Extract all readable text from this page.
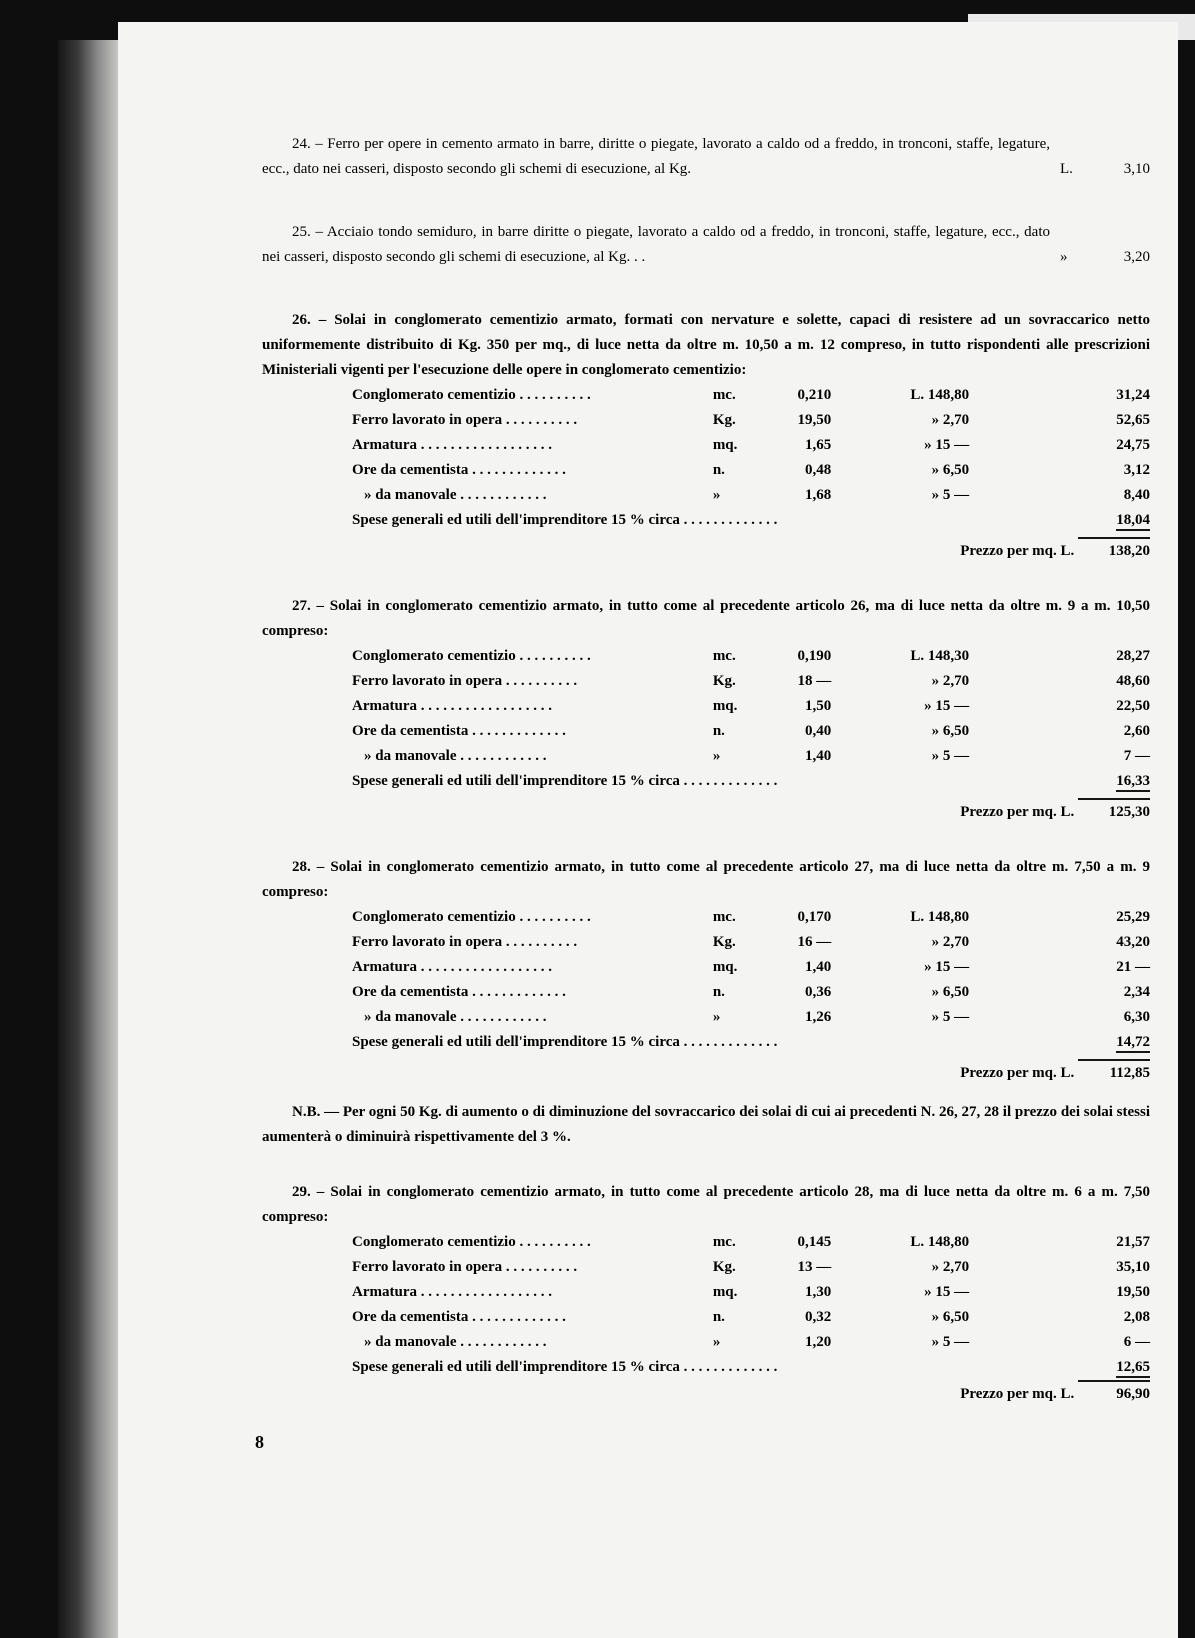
24. – Ferro per opere in cemento armato in barre, diritte o piegate, lavorato a caldo od a freddo, in tronconi, staffe, legature, ecc., dato nei casseri, disposto secondo gli schemi di esecuzione, al Kg.	L.	3,10

25. – Acciaio tondo semiduro, in barre diritte o piegate, lavorato a caldo od a freddo, in tronconi, staffe, legature, ecc., dato nei casseri, disposto secondo gli schemi di esecuzione, al Kg. . .	»	3,20

26. – Solai in conglomerato cementizio armato, formati con nervature e solette, capaci di resistere ad un sovraccarico netto uniformemente distribuito di Kg. 350 per mq., di luce netta da oltre m. 10,50 a m. 12 compreso, in tutto rispondenti alle prescrizioni Ministeriali vigenti per l'esecuzione delle opere in conglomerato cementizio:

Conglomerato cementizio . . . . . . . . . .	mc.	0,210	L. 148,80	31,24
Ferro lavorato in opera . . . . . . . . . .	Kg.	19,50	» 2,70	52,65
Armatura . . . . . . . . . . . . . . . . . .	mq.	1,65	» 15 —	24,75
Ore da cementista . . . . . . . . . . . . .	n.	0,48	» 6,50	3,12
» da manovale . . . . . . . . . . . .	»	1,68	» 5 —	8,40
Spese generali ed utili dell'imprenditore 15 % circa . . . . . . . . . . . . .				18,04
Prezzo per mq. L. 138,20

27. – Solai in conglomerato cementizio armato, in tutto come al precedente articolo 26, ma di luce netta da oltre m. 9 a m. 10,50 compreso:

Conglomerato cementizio . . . . . . . . . .	mc.	0,190	L. 148,30	28,27
Ferro lavorato in opera . . . . . . . . . .	Kg.	18 —	» 2,70	48,60
Armatura . . . . . . . . . . . . . . . . . .	mq.	1,50	» 15 —	22,50
Ore da cementista . . . . . . . . . . . . .	n.	0,40	» 6,50	2,60
» da manovale . . . . . . . . . . . .	»	1,40	» 5 —	7 —
Spese generali ed utili dell'imprenditore 15 % circa . . . . . . . . . . . . .				16,33
Prezzo per mq. L. 125,30

28. – Solai in conglomerato cementizio armato, in tutto come al precedente articolo 27, ma di luce netta da oltre m. 7,50 a m. 9 compreso:

Conglomerato cementizio . . . . . . . . . .	mc.	0,170	L. 148,80	25,29
Ferro lavorato in opera . . . . . . . . . .	Kg.	16 —	» 2,70	43,20
Armatura . . . . . . . . . . . . . . . . . .	mq.	1,40	» 15 —	21 —
Ore da cementista . . . . . . . . . . . . .	n.	0,36	» 6,50	2,34
» da manovale . . . . . . . . . . . .	»	1,26	» 5 —	6,30
Spese generali ed utili dell'imprenditore 15 % circa . . . . . . . . . . . . .				14,72
Prezzo per mq. L. 112,85

N.B. — Per ogni 50 Kg. di aumento o di diminuzione del sovraccarico dei solai di cui ai precedenti N. 26, 27, 28 il prezzo dei solai stessi aumenterà o diminuirà rispettivamente del 3 %.

29. – Solai in conglomerato cementizio armato, in tutto come al precedente articolo 28, ma di luce netta da oltre m. 6 a m. 7,50 compreso:

Conglomerato cementizio . . . . . . . . . .	mc.	0,145	L. 148,80	21,57
Ferro lavorato in opera . . . . . . . . . .	Kg.	13 —	» 2,70	35,10
Armatura . . . . . . . . . . . . . . . . . .	mq.	1,30	» 15 —	19,50
Ore da cementista . . . . . . . . . . . . .	n.	0,32	» 6,50	2,08
» da manovale . . . . . . . . . . . .	»	1,20	» 5 —	6 —
Spese generali ed utili dell'imprenditore 15 % circa . . . . . . . . . . . . .				12,65
Prezzo per mq. L.	96,90
8
